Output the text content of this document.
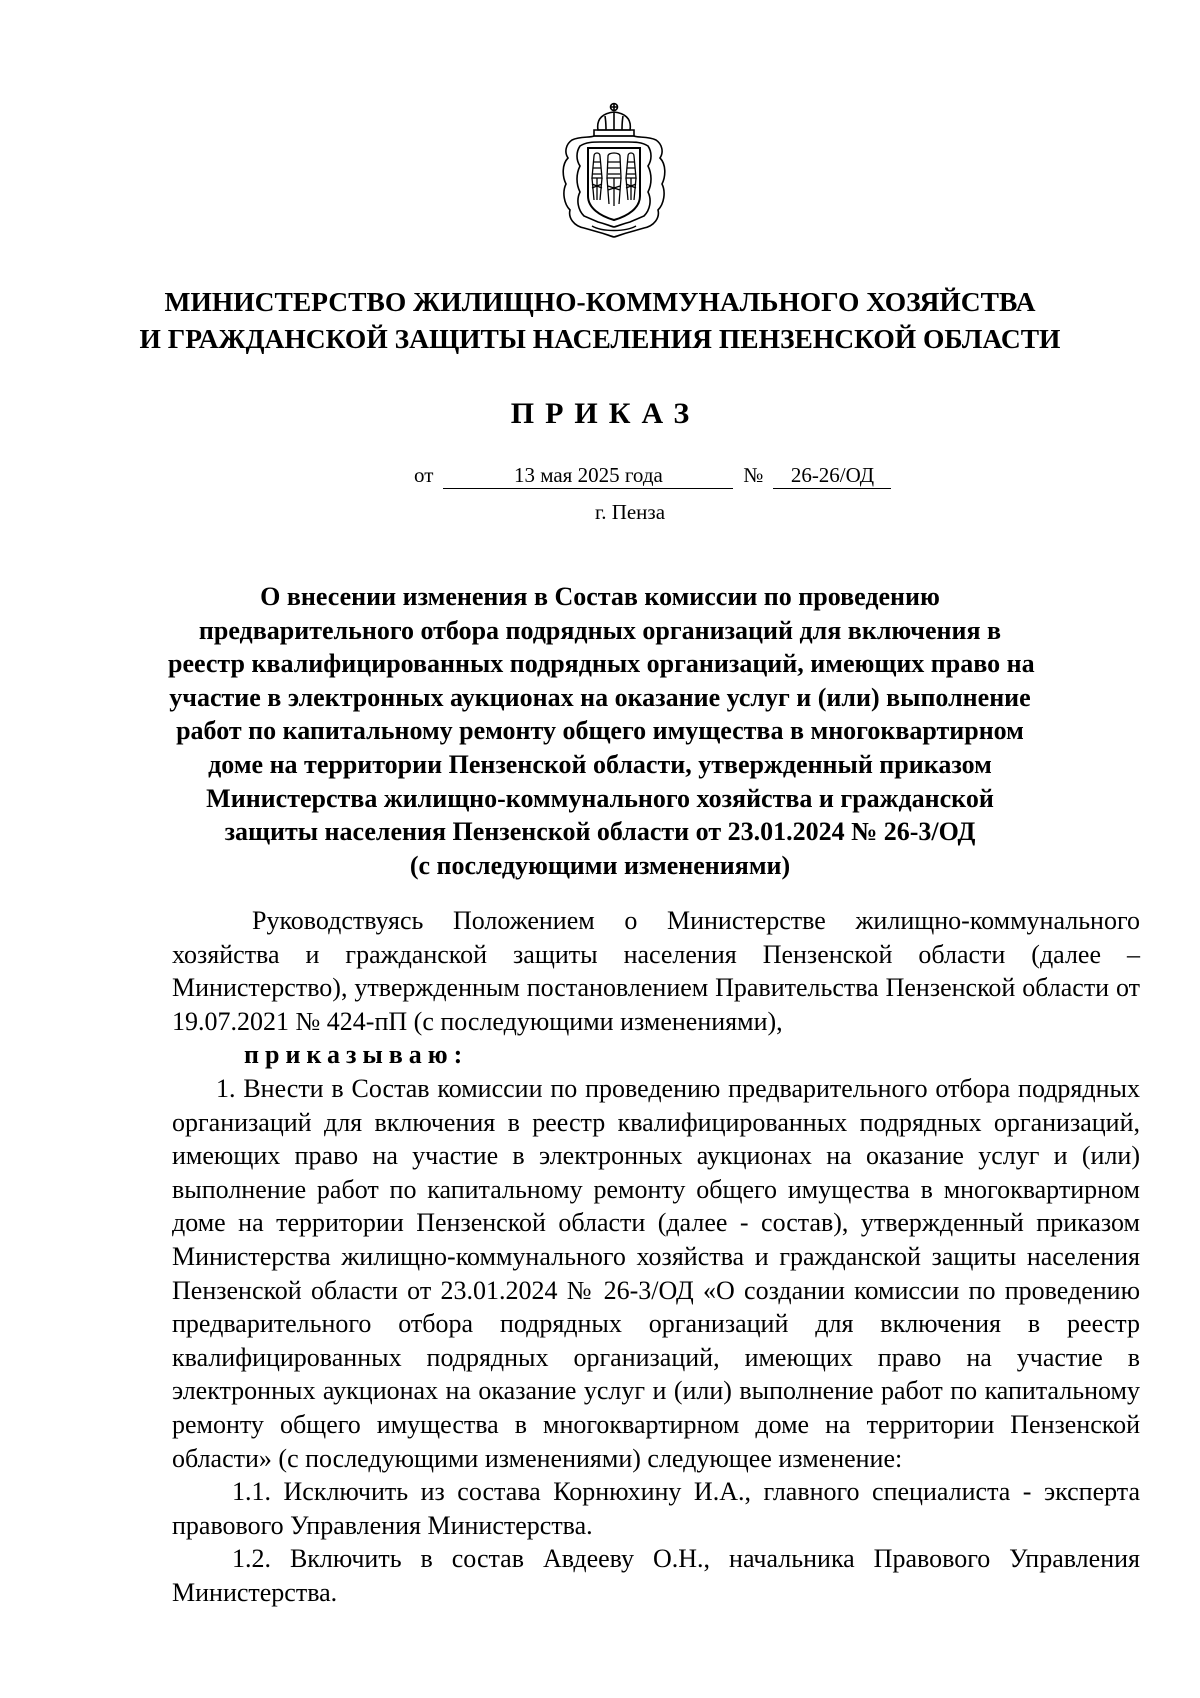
МИНИСТЕРСТВО ЖИЛИЩНО-КОММУНАЛЬНОГО ХОЗЯЙСТВА
И ГРАЖДАНСКОЙ ЗАЩИТЫ НАСЕЛЕНИЯ ПЕНЗЕНСКОЙ ОБЛАСТИ
ПРИКАЗ
от	13 мая 2025 года	№ 26-26/ОД
г. Пенза
О внесении изменения в Состав комиссии по проведению
предварительного отбора подрядных организаций для включения в
реестр квалифицированных подрядных организаций, имеющих право на
участие в электронных аукционах на оказание услуг и (или) выполнение
работ по капитальному ремонту общего имущества в многоквартирном
доме на территории Пензенской области, утвержденный приказом
Министерства жилищно-коммунального хозяйства и гражданской
защиты населения Пензенской области от 23.01.2024 № 26-3/ОД
(с последующими изменениями)

Руководствуясь Положением о Министерстве жилищно-коммунального хозяйства и гражданской защиты населения Пензенской области (далее – Министерство), утвержденным постановлением Правительства Пензенской области от 19.07.2021 № 424-пП (с последующими изменениями),

приказываю:

1. Внести в Состав комиссии по проведению предварительного отбора подрядных организаций для включения в реестр квалифицированных подрядных организаций, имеющих право на участие в электронных аукционах на оказание услуг и (или) выполнение работ по капитальному ремонту общего имущества в многоквартирном доме на территории Пензенской области (далее - состав), утвержденный приказом Министерства жилищно-коммунального хозяйства и гражданской защиты населения Пензенской области от 23.01.2024 № 26-3/ОД «О создании комиссии по проведению предварительного отбора подрядных организаций для включения в реестр квалифицированных подрядных организаций, имеющих право на участие в электронных аукционах на оказание услуг и (или) выполнение работ по капитальному ремонту общего имущества в многоквартирном доме на территории Пензенской области» (с последующими изменениями) следующее изменение:

1.1. Исключить из состава Корнюхину И.А., главного специалиста - эксперта правового Управления Министерства.

1.2. Включить в состав Авдееву О.Н., начальника Правового Управления Министерства.
